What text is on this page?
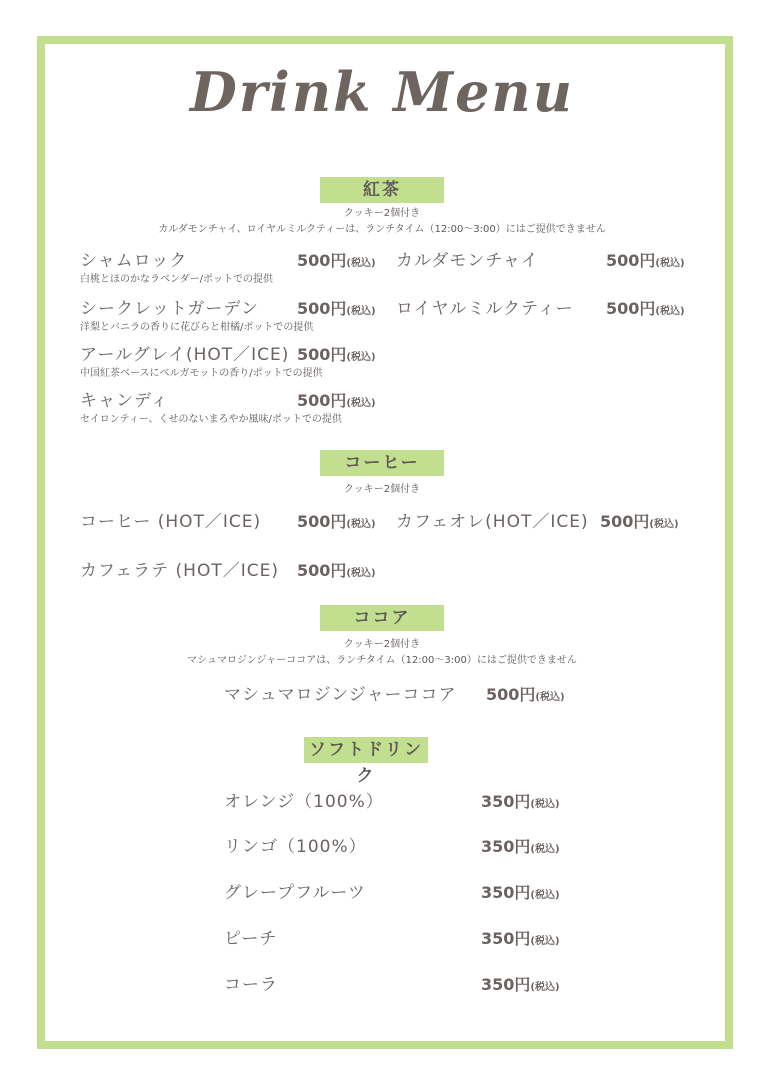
Drink Menu
紅茶
クッキー2個付き
カルダモンチャイ、ロイヤルミルクティーは、ランチタイム（12:00〜3:00）にはご提供できません
シャムロック	500円(税込)
白桃とほのかなラベンダー/ポットでの提供
シークレットガーデン 500円(税込)
洋梨とバニラの香りに花びらと柑橘/ポットでの提供
アールグレイ(HOT／ICE) 500円(税込)
中国紅茶ベースにベルガモットの香り/ポットでの提供
キャンディ	500円(税込)
セイロンティー、くせのないまろやか風味/ポットでの提供
カルダモンチャイ	500円(税込)
ロイヤルミルクティー 500円(税込)
コーヒー
クッキー2個付き
コーヒー (HOT／ICE) 500円(税込) カフェオレ(HOT／ICE) 500円(税込)
カフェラテ (HOT／ICE) 500円(税込)
ココア
クッキー2個付き
マシュマロジンジャーココアは、ランチタイム（12:00〜3:00）にはご提供できません
マシュマロジンジャーココア 500円(税込)
ソフトドリンク
オレンジ（100%）	350円(税込)
リンゴ（100%）	350円(税込)
グレープフルーツ	350円(税込)
ピーチ	350円(税込)
コーラ	350円(税込)
